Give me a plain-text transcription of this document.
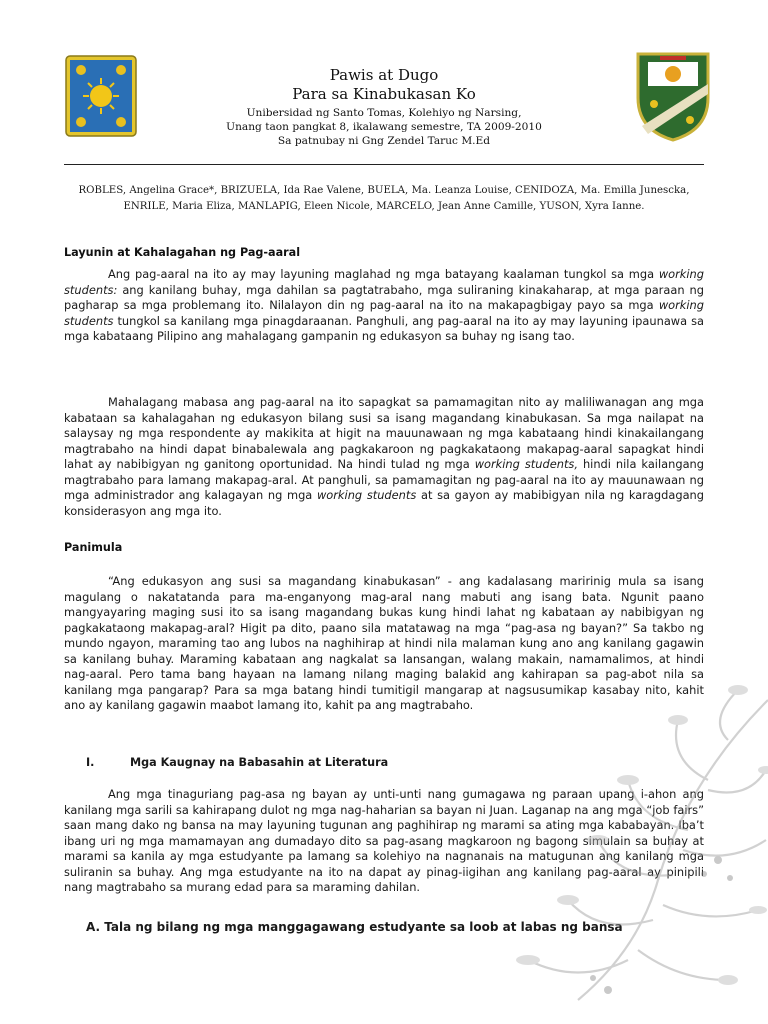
Pawis at Dugo
Para sa Kinabukasan Ko
Unibersidad ng Santo Tomas, Kolehiyo ng Narsing,
Unang taon pangkat 8, ikalawang semestre, TA 2009-2010
Sa patnubay ni Gng Zendel Taruc M.Ed
ROBLES, Angelina Grace*, BRIZUELA, Ida Rae Valene, BUELA, Ma. Leanza Louise, CENIDOZA, Ma. Emilla Junescka, ENRILE, Maria Eliza, MANLAPIG, Eleen Nicole, MARCELO, Jean Anne Camille, YUSON, Xyra Ianne.
Layunin at Kahalagahan ng Pag-aaral
Ang pag-aaral na ito ay may layuning maglahad ng mga batayang kaalaman tungkol sa mga working students: ang kanilang buhay, mga dahilan sa pagtatrabaho, mga suliraning kinakaharap, at mga paraan ng pagharap sa mga problemang ito. Nilalayon din ng pag-aaral na ito na makapagbigay payo sa mga working students tungkol sa kanilang mga pinagdaraanan. Panghuli, ang pag-aaral na ito ay may layuning ipaunawa sa mga kabataang Pilipino ang mahalagang gampanin ng edukasyon sa buhay ng isang tao.
Mahalagang mabasa ang pag-aaral na ito sapagkat sa pamamagitan nito ay maliliwanagan ang mga kabataan sa kahalagahan ng edukasyon bilang susi sa isang magandang kinabukasan. Sa mga nailapat na salaysay ng mga respondente ay makikita at higit na mauunawaan ng mga kabataang hindi kinakailangang magtrabaho na hindi dapat binabalewala ang pagkakaroon ng pagkakataong makapag-aaral sapagkat hindi lahat ay nabibigyan ng ganitong oportunidad. Na hindi tulad ng mga working students, hindi nila kailangang magtrabaho para lamang makapag-aral. At panghuli, sa pamamagitan ng pag-aaral na ito ay mauunawaan ng mga administrador ang kalagayan ng mga working students at sa gayon ay mabibigyan nila ng karagdagang konsiderasyon ang mga ito.
Panimula
“Ang edukasyon ang susi sa magandang kinabukasan” - ang kadalasang maririnig mula sa isang magulang o nakatatanda para ma-enganyong mag-aral nang mabuti ang isang bata. Ngunit paano mangyayaring maging susi ito sa isang magandang bukas kung hindi lahat ng kabataan ay nabibigyan ng pagkakataong makapag-aral? Higit pa dito, paano sila matatawag na mga “pag-asa ng bayan?” Sa takbo ng mundo ngayon, maraming tao ang lubos na naghihirap at hindi nila malaman kung ano ang kanilang gagawin sa kanilang buhay. Maraming kabataan ang nagkalat sa lansangan, walang makain, namamalimos, at hindi nag-aaral. Pero tama bang hayaan na lamang nilang maging balakid ang kahirapan sa pag-abot nila sa kanilang mga pangarap? Para sa mga batang hindi tumitigil mangarap at nagsusumikap kasabay nito, kahit ano ay kanilang gagawin maabot lamang ito, kahit pa ang magtrabaho.
I.	Mga Kaugnay na Babasahin at Literatura
Ang mga tinaguriang pag-asa ng bayan ay unti-unti nang gumagawa ng paraan upang i-ahon ang kanilang mga sarili sa kahirapang dulot ng mga nag-haharian sa bayan ni Juan. Laganap na ang mga “job fairs” saan mang dako ng bansa na may layuning tugunan ang paghihirap ng marami sa ating mga kababayan. Iba’t ibang uri ng mga mamamayan ang dumadayo dito sa pag-asang magkaroon ng bagong simulain sa buhay at marami sa kanila ay mga estudyante pa lamang sa kolehiyo na nagnanais na matugunan ang kanilang mga suliranin sa buhay. Ang mga estudyante na ito na dapat ay pinag-iigihan ang kanilang pag-aaral ay pinipili nang magtrabaho sa murang edad para sa maraming dahilan.
A. Tala ng bilang ng mga manggagawang estudyante sa loob at labas ng bansa
